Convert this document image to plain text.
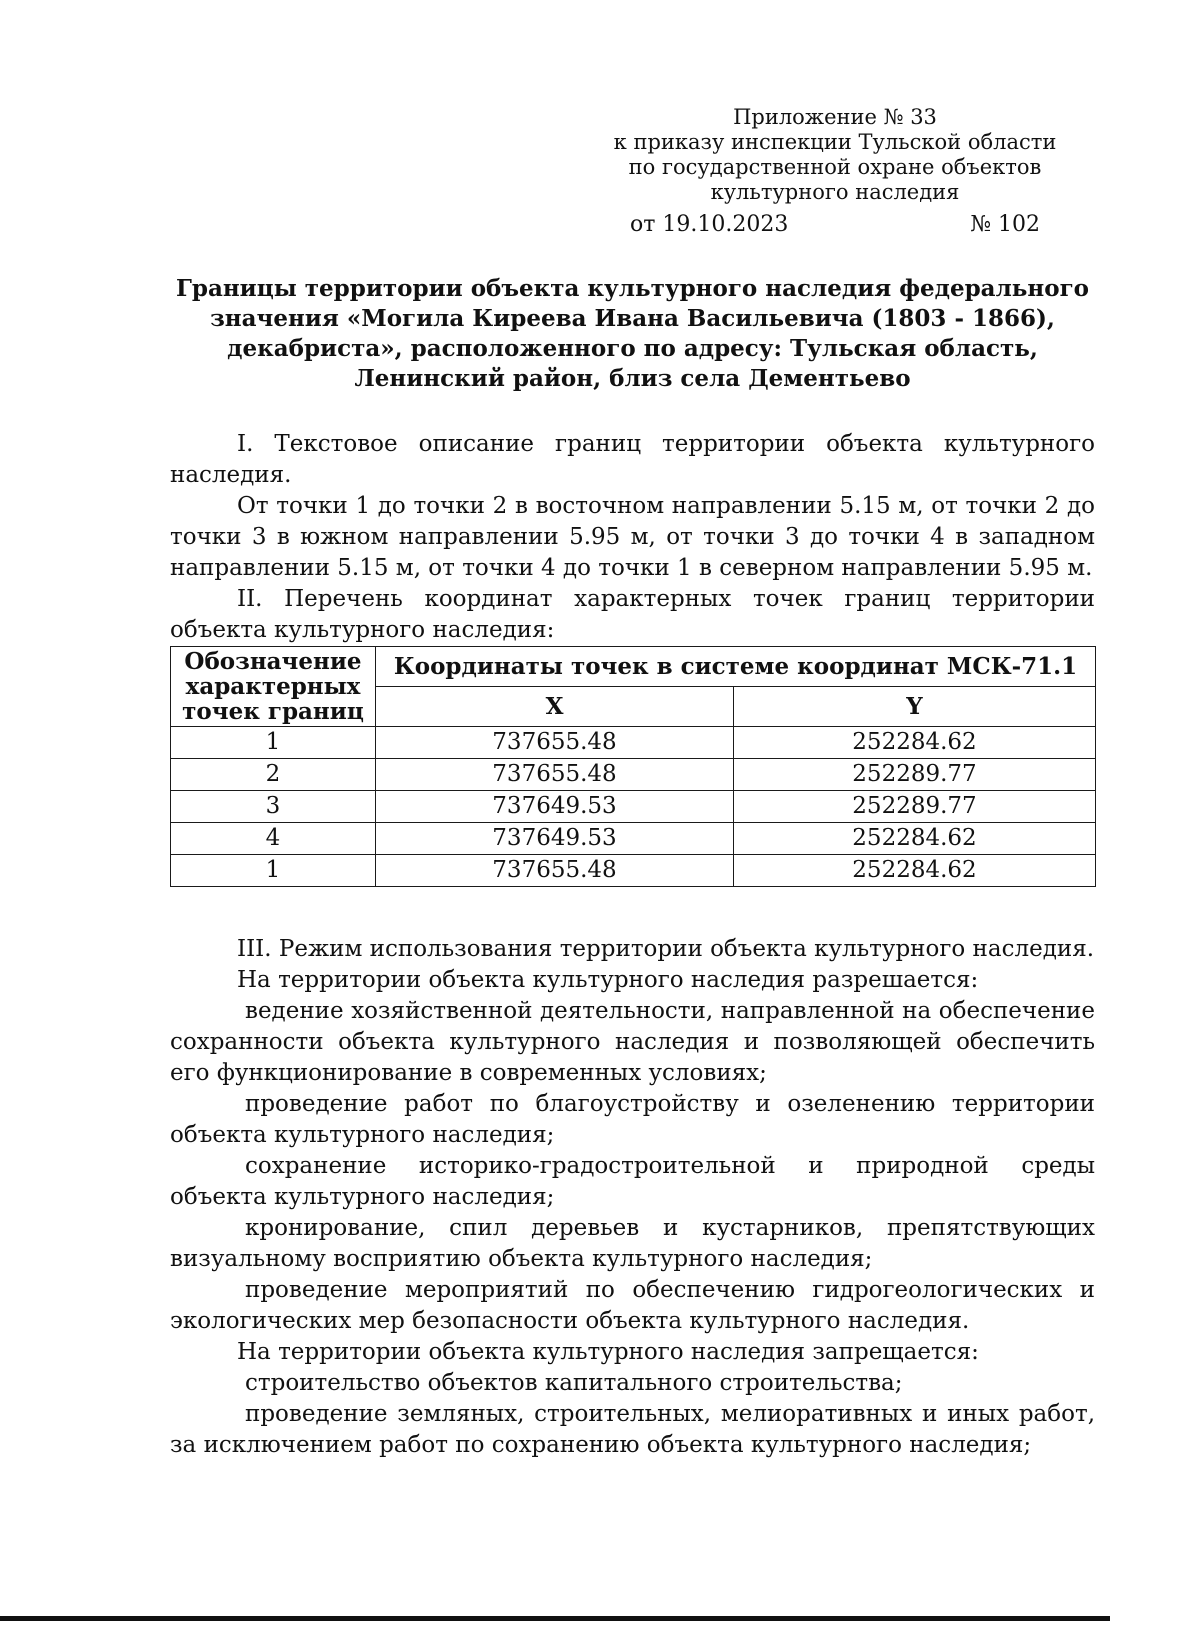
Приложение № 33
к приказу инспекции Тульской области
по государственной охране объектов
культурного наследия
от 19.10.2023	№ 102
Границы территории объекта культурного наследия федерального
значения «Могила Киреева Ивана Васильевича (1803 - 1866),
декабриста», расположенного по адресу: Тульская область,
Ленинский район, близ села Дементьево

I. Текстовое описание границ территории объекта культурного наследия.

От точки 1 до точки 2 в восточном направлении 5.15 м, от точки 2 до точки 3 в южном направлении 5.95 м, от точки 3 до точки 4 в западном направлении 5.15 м, от точки 4 до точки 1 в северном направлении 5.95 м.

II. Перечень координат характерных точек границ территории объекта культурного наследия:

Обозначение характерных точек границ	Координаты точек в системе координат МСК-71.1	
	X	Y
1	737655.48	252284.62
2	737655.48	252289.77
3	737649.53	252289.77
4	737649.53	252284.62
1	737655.48	252284.62

III. Режим использования территории объекта культурного наследия.

На территории объекта культурного наследия разрешается:

ведение хозяйственной деятельности, направленной на обеспечение сохранности объекта культурного наследия и позволяющей обеспечить его функционирование в современных условиях;

проведение работ по благоустройству и озеленению территории объекта культурного наследия;

сохранение историко-градостроительной и природной среды объекта культурного наследия;

кронирование, спил деревьев и кустарников, препятствующих визуальному восприятию объекта культурного наследия;

проведение мероприятий по обеспечению гидрогеологических и экологических мер безопасности объекта культурного наследия.

На территории объекта культурного наследия запрещается:

строительство объектов капитального строительства;

проведение земляных, строительных, мелиоративных и иных работ, за исключением работ по сохранению объекта культурного наследия;
